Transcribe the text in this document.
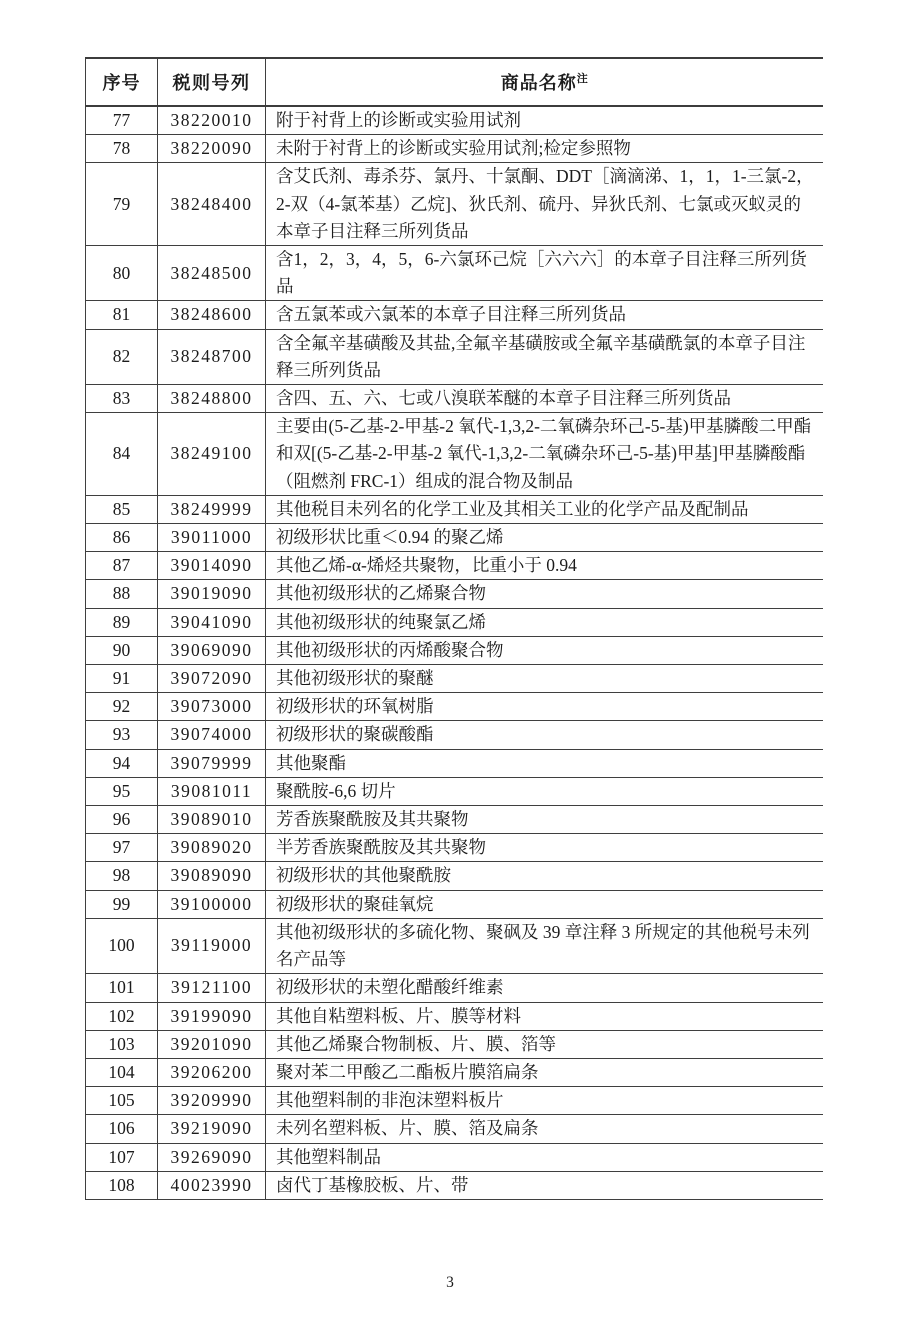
序号	税则号列	商品名称$^注$
77	38220010	附于衬背上的诊断或实验用试剂
78	38220090	未附于衬背上的诊断或实验用试剂;检定参照物
79	38248400	含艾氏剂、毒杀芬、氯丹、十氯酮、DDT［滴滴涕、1，1，1-三氯-2，2-双（4-氯苯基）乙烷]、狄氏剂、硫丹、异狄氏剂、七氯或灭蚁灵的本章子目注释三所列货品
80	38248500	含1，2，3，4，5，6-六氯环己烷［六六六］的本章子目注释三所列货品
81	38248600	含五氯苯或六氯苯的本章子目注释三所列货品
82	38248700	含全氟辛基磺酸及其盐,全氟辛基磺胺或全氟辛基磺酰氯的本章子目注释三所列货品
83	38248800	含四、五、六、七或八溴联苯醚的本章子目注释三所列货品
84	38249100	主要由(5-乙基-2-甲基-2 氧代-1,3,2-二氧磷杂环己-5-基)甲基膦酸二甲酯和双[(5-乙基-2-甲基-2 氧代-1,3,2-二氧磷杂环己-5-基)甲基]甲基膦酸酯（阻燃剂 FRC-1）组成的混合物及制品
85	38249999	其他税目未列名的化学工业及其相关工业的化学产品及配制品
86	39011000	初级形状比重＜0.94 的聚乙烯
87	39014090	其他乙烯-α-烯烃共聚物，比重小于 0.94
88	39019090	其他初级形状的乙烯聚合物
89	39041090	其他初级形状的纯聚氯乙烯
90	39069090	其他初级形状的丙烯酸聚合物
91	39072090	其他初级形状的聚醚
92	39073000	初级形状的环氧树脂
93	39074000	初级形状的聚碳酸酯
94	39079999	其他聚酯
95	39081011	聚酰胺-6,6 切片
96	39089010	芳香族聚酰胺及其共聚物
97	39089020	半芳香族聚酰胺及其共聚物
98	39089090	初级形状的其他聚酰胺
99	39100000	初级形状的聚硅氧烷
100	39119000	其他初级形状的多硫化物、聚砜及 39 章注释 3 所规定的其他税号未列名产品等
101	39121100	初级形状的未塑化醋酸纤维素
102	39199090	其他自粘塑料板、片、膜等材料
103	39201090	其他乙烯聚合物制板、片、膜、箔等
104	39206200	聚对苯二甲酸乙二酯板片膜箔扁条
105	39209990	其他塑料制的非泡沫塑料板片
106	39219090	未列名塑料板、片、膜、箔及扁条
107	39269090	其他塑料制品
108	40023990	卤代丁基橡胶板、片、带
3
